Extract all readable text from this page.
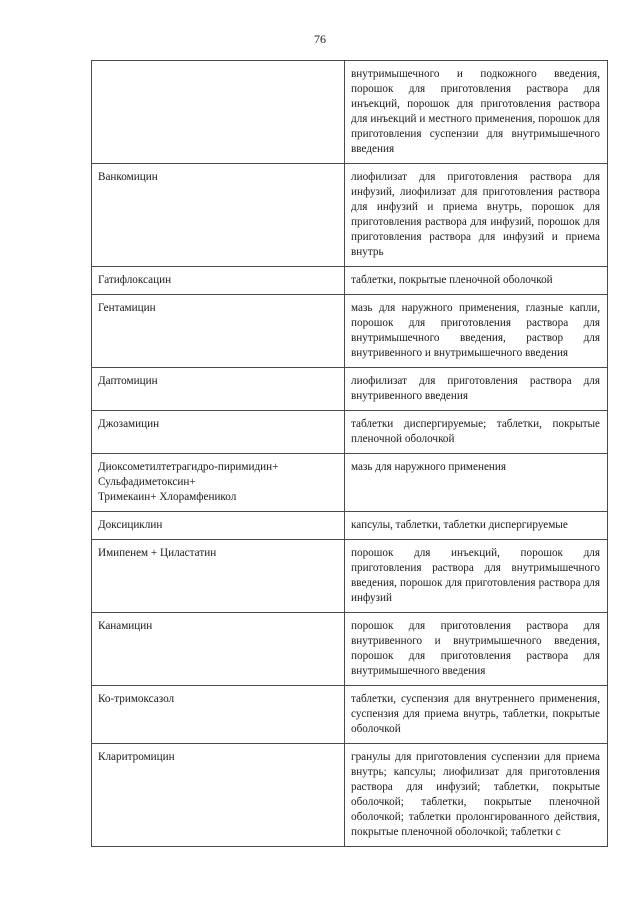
76
	внутримышечного и подкожного введения, порошок для приготовления раствора для инъекций, порошок для приготовления раствора для инъекций и местного применения, порошок для приготовления суспензии для внутримышечного введения

Ванкомицин	лиофилизат для приготовления раствора для инфузий, лиофилизат для приготовления раствора для инфузий и приема внутрь, порошок для приготовления раствора для инфузий, порошок для приготовления раствора для инфузий и приема внутрь

Гатифлоксацин	таблетки, покрытые пленочной оболочкой

Гентамицин	мазь для наружного применения, глазные капли, порошок для приготовления раствора для внутримышечного введения, раствор для внутривенного и внутримышечного введения

Даптомицин	лиофилизат для приготовления раствора для внутривенного введения

Джозамицин	таблетки диспергируемые; таблетки, покрытые пленочной оболочкой

Диоксометилтетрагидро-пиримидин+
Сульфадиметоксин+
Тримекаин+ Хлорамфеникол	мазь для наружного применения

Доксициклин	капсулы, таблетки, таблетки диспергируемые

Имипенем + Циластатин	порошок для инъекций, порошок для приготовления раствора для внутримышечного введения, порошок для приготовления раствора для инфузий

Канамицин	порошок для приготовления раствора для внутривенного и внутримышечного введения, порошок для приготовления раствора для внутримышечного введения

Ко-тримоксазол	таблетки, суспензия для внутреннего применения, суспензия для приема внутрь, таблетки, покрытые оболочкой

Кларитромицин	гранулы для приготовления суспензии для приема внутрь; капсулы; лиофилизат для приготовления раствора для инфузий; таблетки, покрытые оболочкой; таблетки, покрытые пленочной оболочкой; таблетки пролонгированного действия, покрытые пленочной оболочкой; таблетки с
